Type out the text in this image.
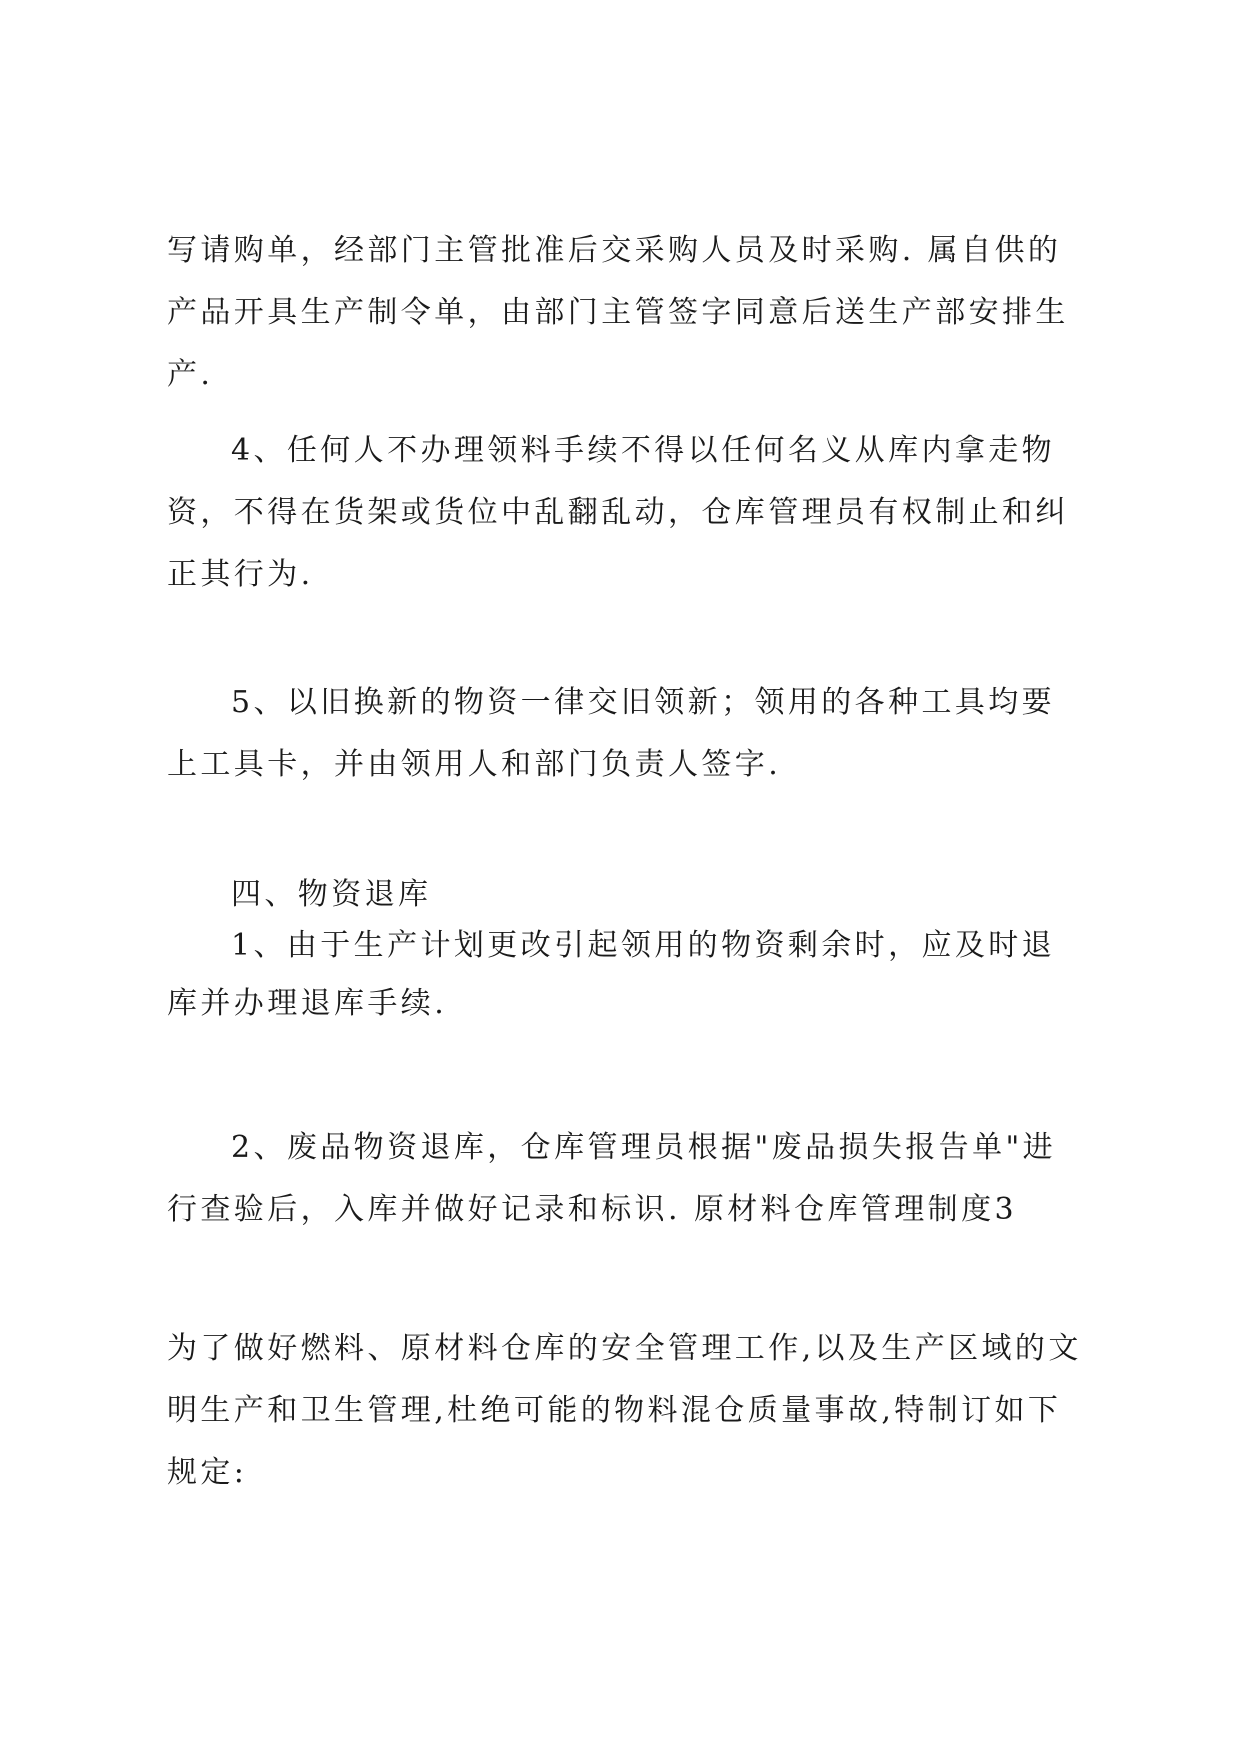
写请购单，经部门主管批准后交采购人员及时采购. 属自供的产品开具生产制令单，由部门主管签字同意后送生产部安排生产.

4、任何人不办理领料手续不得以任何名义从库内拿走物资，不得在货架或货位中乱翻乱动，仓库管理员有权制止和纠正其行为.

5、以旧换新的物资一律交旧领新；领用的各种工具均要上工具卡，并由领用人和部门负责人签字.

四、物资退库

1、由于生产计划更改引起领用的物资剩余时，应及时退库并办理退库手续.

2、废品物资退库，仓库管理员根据"废品损失报告单"进行查验后，入库并做好记录和标识. 原材料仓库管理制度3

为了做好燃料、原材料仓库的安全管理工作,以及生产区域的文明生产和卫生管理,杜绝可能的物料混仓质量事故,特制订如下规定:
